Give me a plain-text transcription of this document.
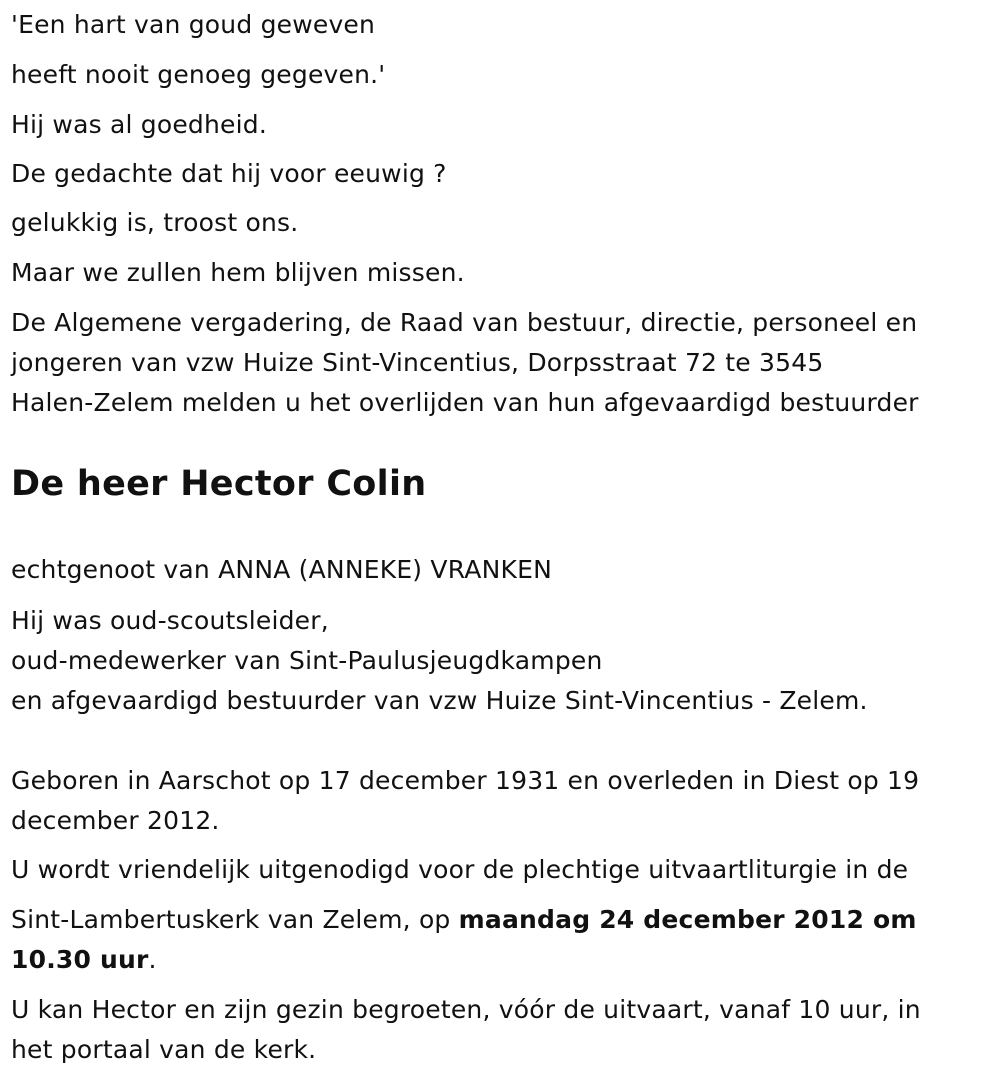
'Een hart van goud geweven
heeft nooit genoeg gegeven.'
Hij was al goedheid.
De gedachte dat hij voor eeuwig ?
gelukkig is, troost ons.
Maar we zullen hem blijven missen.
De Algemene vergadering, de Raad van bestuur, directie, personeel en
jongeren van vzw Huize Sint-Vincentius, Dorpsstraat 72 te 3545
Halen-Zelem melden u het overlijden van hun afgevaardigd bestuurder
De heer Hector Colin
echtgenoot van ANNA (ANNEKE) VRANKEN
Hij was oud-scoutsleider,
oud-medewerker van Sint-Paulusjeugdkampen
en afgevaardigd bestuurder van vzw Huize Sint-Vincentius - Zelem.
Geboren in Aarschot op 17 december 1931 en overleden in Diest op 19
december 2012.
U wordt vriendelijk uitgenodigd voor de plechtige uitvaartliturgie in de
Sint-Lambertuskerk van Zelem, op maandag 24 december 2012 om
10.30 uur.
U kan Hector en zijn gezin begroeten, vóór de uitvaart, vanaf 10 uur, in
het portaal van de kerk.
